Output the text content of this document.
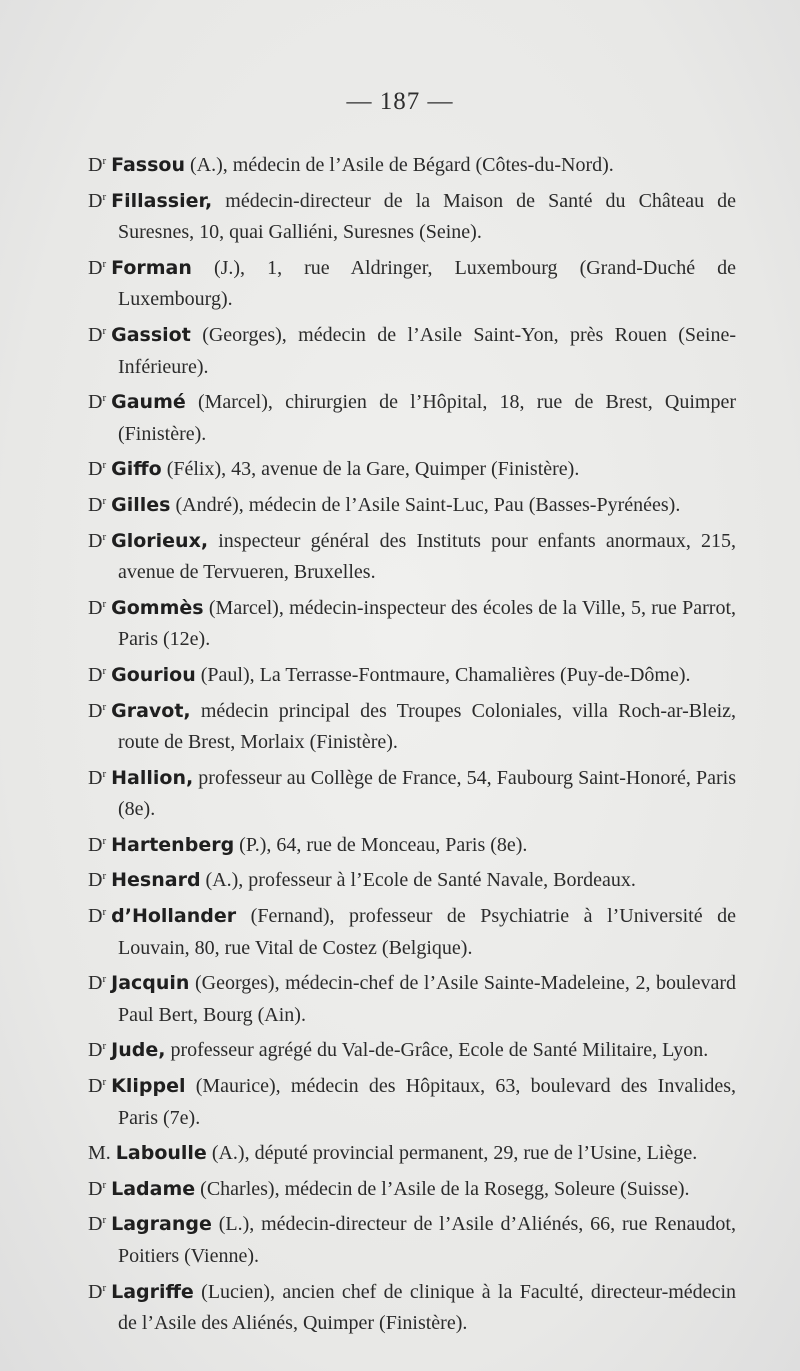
— 187 —

$D^r$ Fassou (A.), médecin de l’Asile de Bégard (Côtes-du-Nord).

$D^r$ Fillassier, médecin-directeur de la Maison de Santé du Château de Suresnes, 10, quai Galliéni, Suresnes (Seine).

$D^r$ Forman (J.), 1, rue Aldringer, Luxembourg (Grand-Duché de Luxembourg).

$D^r$ Gassiot (Georges), médecin de l’Asile Saint-Yon, près Rouen (Seine-Inférieure).

$D^r$ Gaumé (Marcel), chirurgien de l’Hôpital, 18, rue de Brest, Quimper (Finistère).

$D^r$ Giffo (Félix), 43, avenue de la Gare, Quimper (Finistère).

$D^r$ Gilles (André), médecin de l’Asile Saint-Luc, Pau (Basses-Pyrénées).

$D^r$ Glorieux, inspecteur général des Instituts pour enfants anormaux, 215, avenue de Tervueren, Bruxelles.

$D^r$ Gommès (Marcel), médecin-inspecteur des écoles de la Ville, 5, rue Parrot, Paris (12e).

$D^r$ Gouriou (Paul), La Terrasse-Fontmaure, Chamalières (Puy-de-Dôme).

$D^r$ Gravot, médecin principal des Troupes Coloniales, villa Roch-ar-Bleiz, route de Brest, Morlaix (Finistère).

$D^r$ Hallion, professeur au Collège de France, 54, Faubourg Saint-Honoré, Paris (8e).

$D^r$ Hartenberg (P.), 64, rue de Monceau, Paris (8e).

$D^r$ Hesnard (A.), professeur à l’Ecole de Santé Navale, Bordeaux.

$D^r$ d’Hollander (Fernand), professeur de Psychiatrie à l’Université de Louvain, 80, rue Vital de Costez (Belgique).

$D^r$ Jacquin (Georges), médecin-chef de l’Asile Sainte-Madeleine, 2, boulevard Paul Bert, Bourg (Ain).

$D^r$ Jude, professeur agrégé du Val-de-Grâce, Ecole de Santé Militaire, Lyon.

$D^r$ Klippel (Maurice), médecin des Hôpitaux, 63, boulevard des Invalides, Paris (7e).

M. Laboulle (A.), député provincial permanent, 29, rue de l’Usine, Liège.

$D^r$ Ladame (Charles), médecin de l’Asile de la Rosegg, Soleure (Suisse).

$D^r$ Lagrange (L.), médecin-directeur de l’Asile d’Aliénés, 66, rue Renaudot, Poitiers (Vienne).

$D^r$ Lagriffe (Lucien), ancien chef de clinique à la Faculté, directeur-médecin de l’Asile des Aliénés, Quimper (Finistère).
